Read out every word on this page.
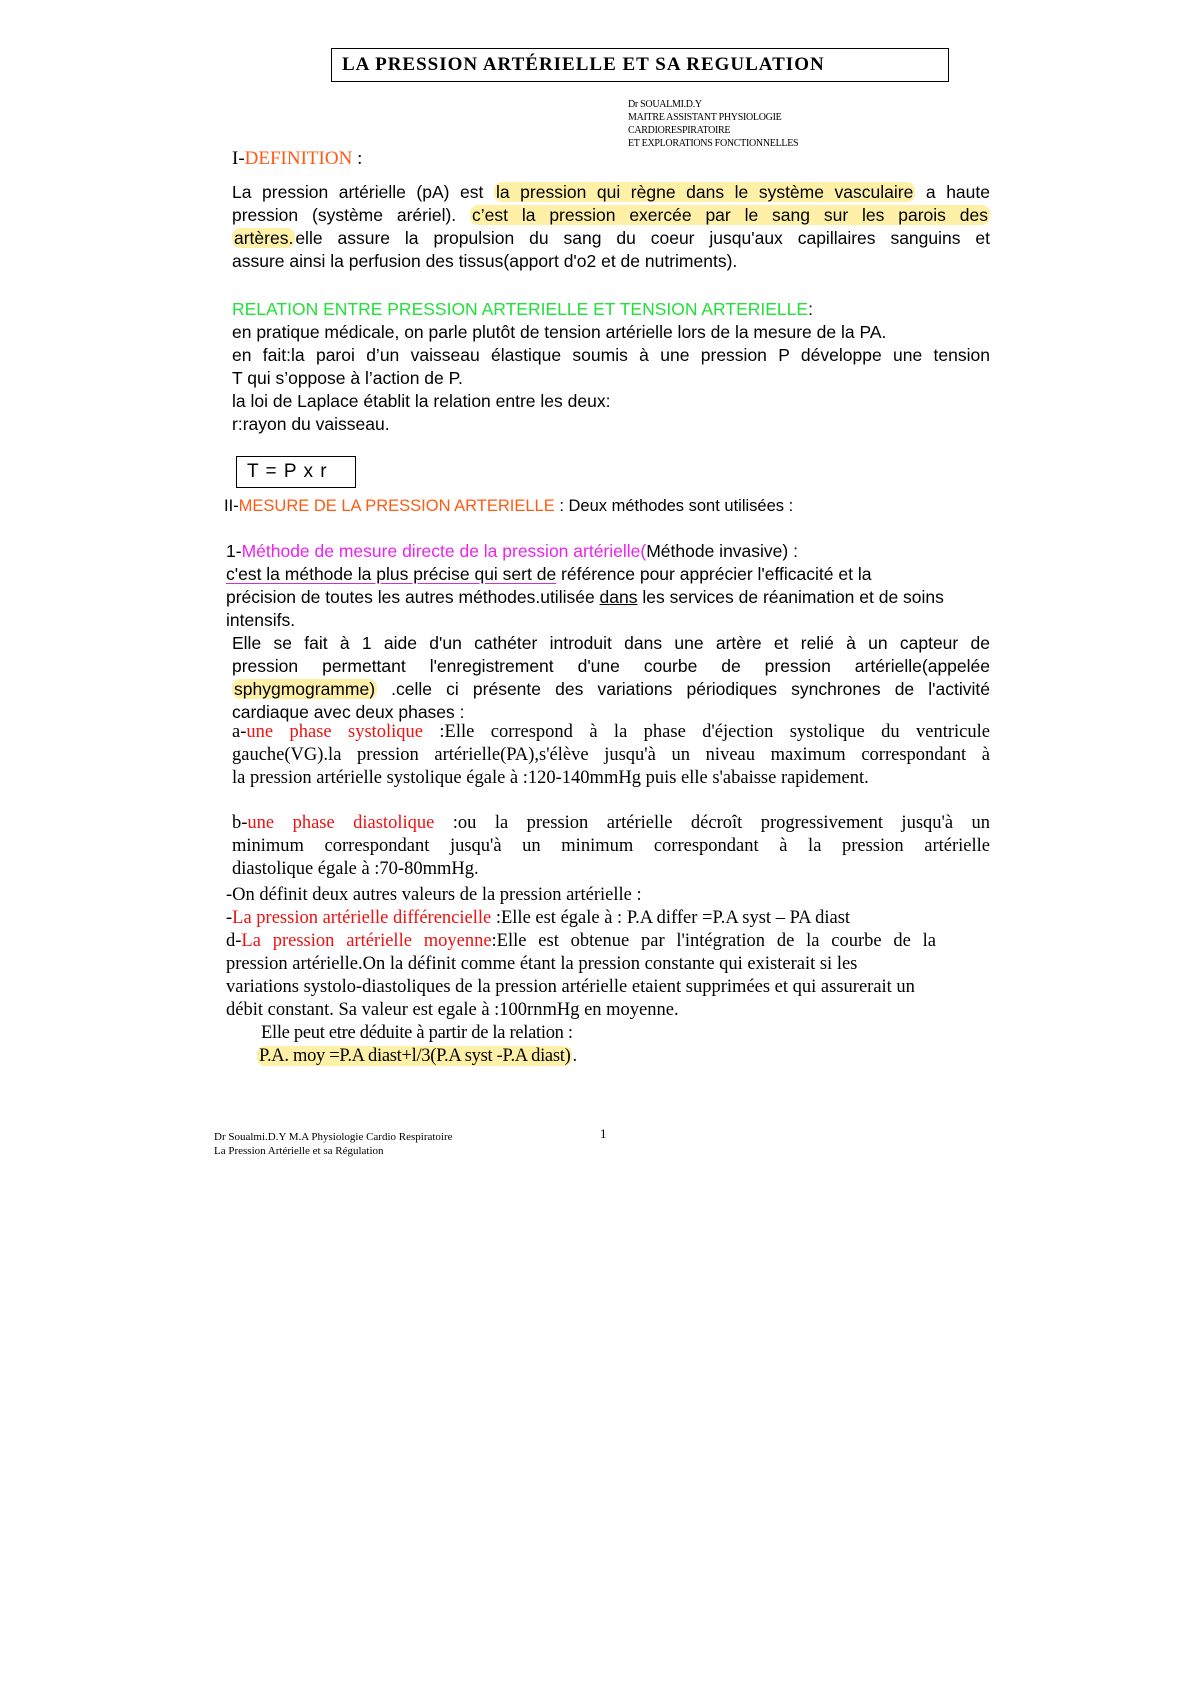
LA PRESSION ARTÉRIELLE ET SA REGULATION
Dr SOUALMI.D.Y
MAITRE ASSISTANT PHYSIOLOGIE
CARDIORESPIRATOIRE
ET EXPLORATIONS FONCTIONNELLES
I-DEFINITION :
La pression artérielle (pA) est la pression qui règne dans le système vasculaire a haute
pression (système arériel). c’est la pression exercée par le sang sur les parois des
artères. elle assure la propulsion du sang du coeur jusqu'aux capillaires sanguins et
assure ainsi la perfusion des tissus(apport d'o2 et de nutriments).
RELATION ENTRE PRESSION ARTERIELLE ET TENSION ARTERIELLE:
en pratique médicale, on parle plutôt de tension artérielle lors de la mesure de la PA.
en fait:la paroi d’un vaisseau élastique soumis à une pression P développe une tension
T qui s’oppose à l’action de P.
la loi de Laplace établit la relation entre les deux:
r:rayon du vaisseau.
T = P x r
II-MESURE DE LA PRESSION ARTERIELLE : Deux méthodes sont utilisées :
1-Méthode de mesure directe de la pression artérielle(Méthode invasive) :
c'est la méthode la plus précise qui sert de référence pour apprécier l'efficacité et la
précision de toutes les autres méthodes.utilisée dans les services de réanimation et de soins
intensifs.
Elle se fait à 1 aide d'un cathéter introduit dans une artère et relié à un capteur de
pression permettant l'enregistrement d'une courbe de pression artérielle(appelée
sphygmogramme) .celle ci présente des variations périodiques synchrones de l'activité
cardiaque avec deux phases :
a-une phase systolique :Elle correspond à la phase d'éjection systolique du ventricule
gauche(VG).la pression artérielle(PA),s'élève jusqu'à un niveau maximum correspondant à
la pression artérielle systolique égale à :120-140mmHg puis elle s'abaisse rapidement.
b-une phase diastolique :ou la pression artérielle décroît progressivement jusqu'à un
minimum correspondant jusqu'à un minimum correspondant à la pression artérielle
diastolique égale à :70-80mmHg.
-On définit deux autres valeurs de la pression artérielle :
-La pression artérielle différencielle :Elle est égale à : P.A differ =P.A syst – PA diast
d-La pression artérielle moyenne:Elle est obtenue par l'intégration de la courbe de la
pression artérielle.On la définit comme étant la pression constante qui existerait si les
variations systolo-diastoliques de la pression artérielle etaient supprimées et qui assurerait un
débit constant. Sa valeur est egale à :100rnmHg en moyenne.
Elle peut etre déduite à partir de la relation :
P.A. moy =P.A diast+l/3(P.A syst -P.A diast) .
Dr Soualmi.D.Y M.A Physiologie Cardio Respiratoire
La Pression Artérielle et sa Régulation
1
